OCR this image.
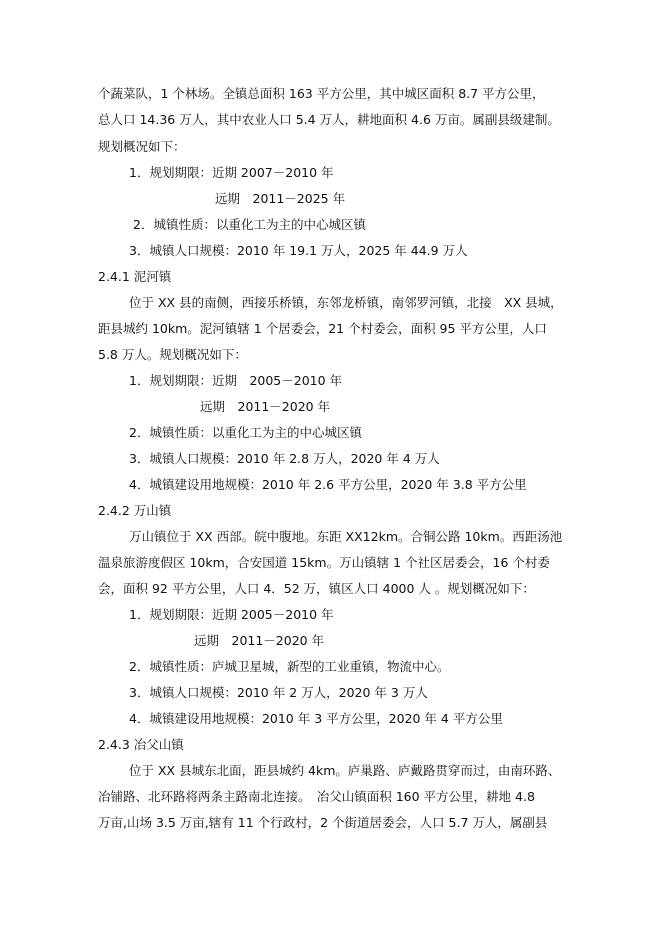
个蔬菜队，1 个林场。全镇总面积 163 平方公里，其中城区面积 8.7 平方公里，
总人口 14.36 万人，其中农业人口 5.4 万人，耕地面积 4.6 万亩。属副县级建制。
规划概况如下：
1．规划期限：近期 2007－2010 年
远期　2011－2025 年
2．城镇性质：以重化工为主的中心城区镇
3．城镇人口规模：2010 年 19.1 万人，2025 年 44.9 万人
2.4.1 泥河镇
位于 XX 县的南侧，西接乐桥镇，东邻龙桥镇，南邻罗河镇，北接　XX 县城，
距县城约 10km。泥河镇辖 1 个居委会，21 个村委会，面积 95 平方公里，人口
5.8 万人。规划概况如下：
1．规划期限：近期　2005－2010 年
远期　2011－2020 年
2．城镇性质：以重化工为主的中心城区镇
3．城镇人口规模：2010 年 2.8 万人，2020 年 4 万人
4．城镇建设用地规模：2010 年 2.6 平方公里，2020 年 3.8 平方公里
2.4.2 万山镇
万山镇位于 XX 西部。皖中腹地。东距 XX12km。合铜公路 10km。西距汤池
温泉旅游度假区 10km，合安国道 15km。万山镇辖 1 个社区居委会，16 个村委
会，面积 92 平方公里，人口 4．52 万，镇区人口 4000 人 。规划概况如下：
1．规划期限：近期 2005－2010 年
远期　2011－2020 年
2．城镇性质：庐城卫星城，新型的工业重镇，物流中心。
3．城镇人口规模：2010 年 2 万人，2020 年 3 万人
4．城镇建设用地规模：2010 年 3 平方公里，2020 年 4 平方公里
2.4.3 冶父山镇
位于 XX 县城东北面，距县城约 4km。庐巢路、庐戴路贯穿而过，由南环路、
冶铺路、北环路将两条主路南北连接。　冶父山镇面积 160 平方公里，耕地 4.8
万亩,山场 3.5 万亩,辖有 11 个行政村，2 个街道居委会，人口 5.7 万人，属副县
